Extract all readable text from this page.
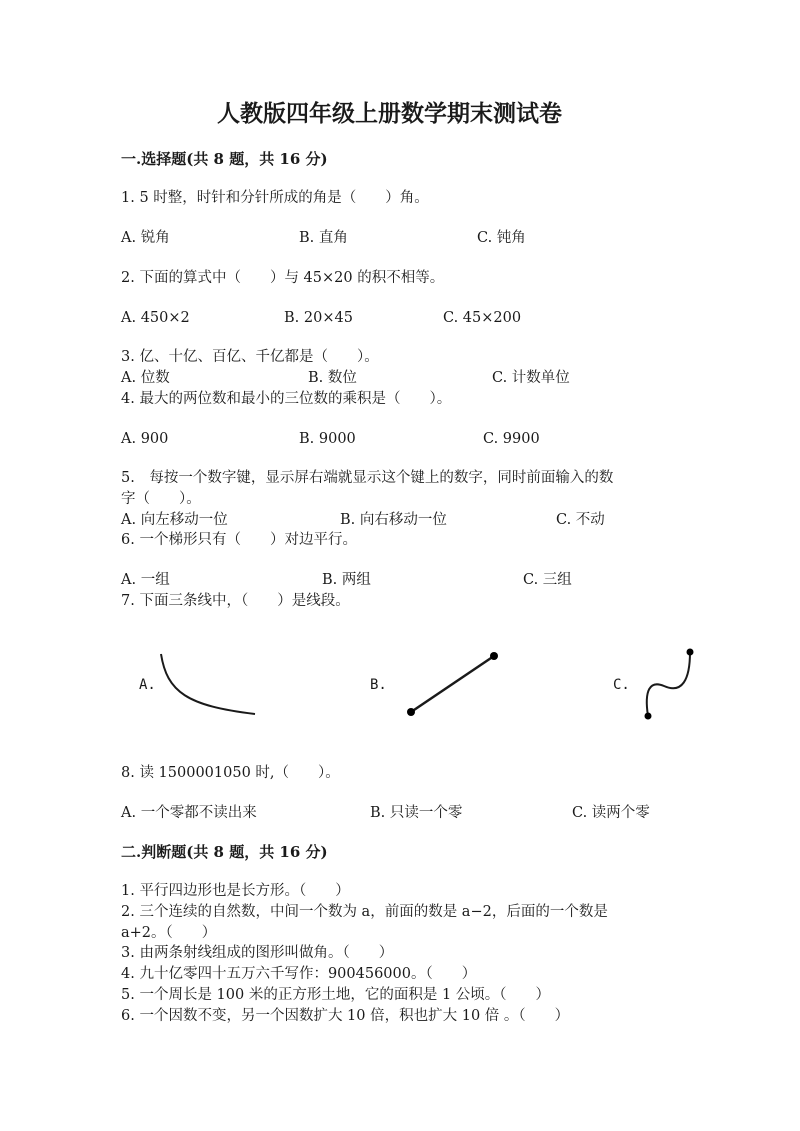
人教版四年级上册数学期末测试卷
一.选择题(共 8 题，共 16 分)
1. 5 时整，时针和分针所成的角是（　　）角。
A. 锐角	B. 直角	C. 钝角
2. 下面的算式中（　　）与 45×20 的积不相等。
A. 450×2	B. 20×45	C. 45×200
3. 亿、十亿、百亿、千亿都是（　　）。
A. 位数	B. 数位	C. 计数单位
4. 最大的两位数和最小的三位数的乘积是（　　）。
A. 900	B. 9000	C. 9900
5.　每按一个数字键，显示屏右端就显示这个键上的数字，同时前面输入的数
字（　　）。
A. 向左移动一位	B. 向右移动一位	C. 不动
6. 一个梯形只有（　　）对边平行。
A. 一组	B. 两组	C. 三组
7. 下面三条线中，（　　）是线段。
A.	B.	C.
8. 读 1500001050 时,（　　）。
A. 一个零都不读出来	B. 只读一个零	C. 读两个零
二.判断题(共 8 题，共 16 分)
1. 平行四边形也是长方形。（　　）
2. 三个连续的自然数，中间一个数为 a，前面的数是 a−2，后面的一个数是
a+2。（　　）
3. 由两条射线组成的图形叫做角。（　　）
4. 九十亿零四十五万六千写作：900456000。（　　）
5. 一个周长是 100 米的正方形土地，它的面积是 1 公顷。（　　）
6. 一个因数不变，另一个因数扩大 10 倍，积也扩大 10 倍 。（　　）
